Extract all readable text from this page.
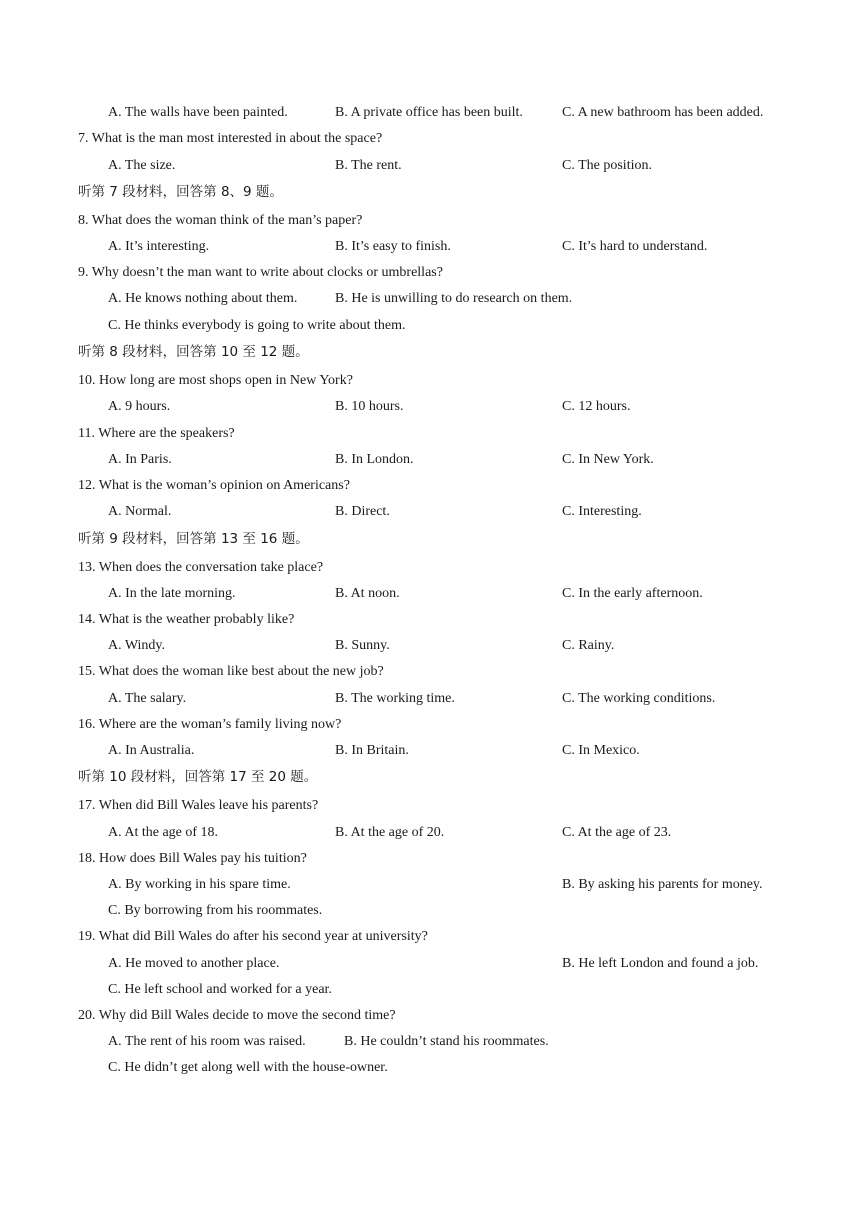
A. The walls have been painted.	B. A private office has been built.	C. A new bathroom has been added.
7. What is the man most interested in about the space?
A. The size.	B. The rent.	C. The position.
听第 7 段材料，回答第 8、9 题。
8. What does the woman think of the man’s paper?
A. It’s interesting.	B. It’s easy to finish.	C. It’s hard to understand.
9. Why doesn’t the man want to write about clocks or umbrellas?
A. He knows nothing about them.	B. He is unwilling to do research on them.
C. He thinks everybody is going to write about them.
听第 8 段材料，回答第 10 至 12 题。
10. How long are most shops open in New York?
A. 9 hours.	B. 10 hours.	C. 12 hours.
11. Where are the speakers?
A. In Paris.	B. In London.	C. In New York.
12. What is the woman’s opinion on Americans?
A. Normal.	B. Direct.	C. Interesting.
听第 9 段材料，回答第 13 至 16 题。
13. When does the conversation take place?
A. In the late morning.	B. At noon.	C. In the early afternoon.
14. What is the weather probably like?
A. Windy.	B. Sunny.	C. Rainy.
15. What does the woman like best about the new job?
A. The salary.	B. The working time.	C. The working conditions.
16. Where are the woman’s family living now?
A. In Australia.	B. In Britain.	C. In Mexico.
听第 10 段材料，回答第 17 至 20 题。
17. When did Bill Wales leave his parents?
A. At the age of 18.	B. At the age of 20.	C. At the age of 23.
18. How does Bill Wales pay his tuition?
A. By working in his spare time.	B. By asking his parents for money.
C. By borrowing from his roommates.
19. What did Bill Wales do after his second year at university?
A. He moved to another place.	B. He left London and found a job.
C. He left school and worked for a year.
20. Why did Bill Wales decide to move the second time?
A. The rent of his room was raised.	B. He couldn’t stand his roommates.
C. He didn’t get along well with the house-owner.
